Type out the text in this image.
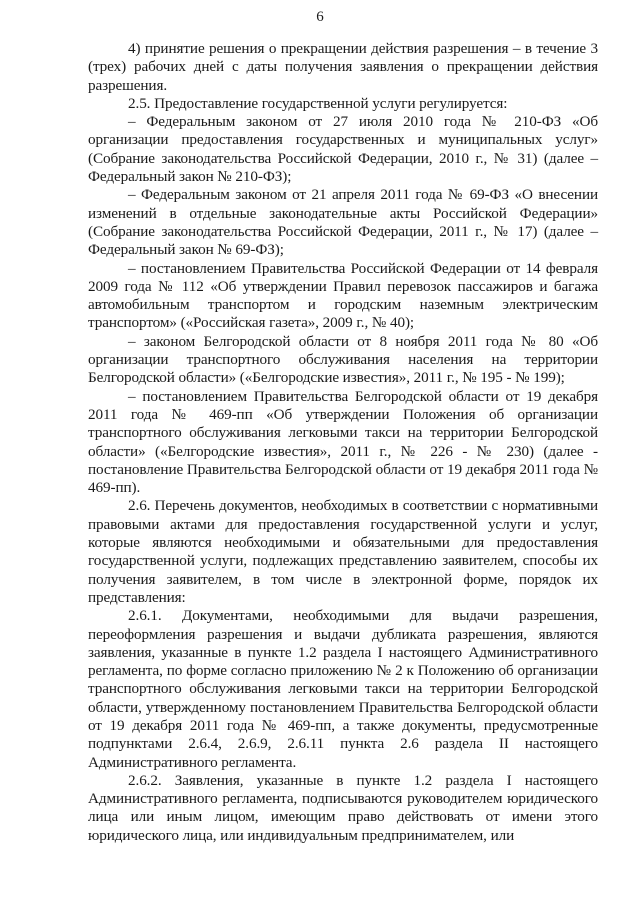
6

4) принятие решения о прекращении действия разрешения – в течение 3 (трех) рабочих дней с даты получения заявления о прекращении действия разрешения.

2.5. Предоставление государственной услуги регулируется:

– Федеральным законом от 27 июля 2010 года № 210-ФЗ «Об организации предоставления государственных и муниципальных услуг» (Собрание законодательства Российской Федерации, 2010 г., № 31) (далее – Федеральный закон № 210-ФЗ);

– Федеральным законом от 21 апреля 2011 года № 69-ФЗ «О внесении изменений в отдельные законодательные акты Российской Федерации» (Собрание законодательства Российской Федерации, 2011 г., № 17) (далее – Федеральный закон № 69-ФЗ);

– постановлением Правительства Российской Федерации от 14 февраля 2009 года № 112 «Об утверждении Правил перевозок пассажиров и багажа автомобильным транспортом и городским наземным электрическим транспортом» («Российская газета», 2009 г., № 40);

– законом Белгородской области от 8 ноября 2011 года № 80 «Об организации транспортного обслуживания населения на территории Белгородской области» («Белгородские известия», 2011 г., № 195 - № 199);

– постановлением Правительства Белгородской области от 19 декабря 2011 года № 469-пп «Об утверждении Положения об организации транспортного обслуживания легковыми такси на территории Белгородской области» («Белгородские известия», 2011 г., № 226 - № 230) (далее - постановление Правительства Белгородской области от 19 декабря 2011 года № 469-пп).

2.6. Перечень документов, необходимых в соответствии с нормативными правовыми актами для предоставления государственной услуги и услуг, которые являются необходимыми и обязательными для предоставления государственной услуги, подлежащих представлению заявителем, способы их получения заявителем, в том числе в электронной форме, порядок их представления:

2.6.1. Документами, необходимыми для выдачи разрешения, переоформления разрешения и выдачи дубликата разрешения, являются заявления, указанные в пункте 1.2 раздела I настоящего Административного регламента, по форме согласно приложению № 2 к Положению об организации транспортного обслуживания легковыми такси на территории Белгородской области, утвержденному постановлением Правительства Белгородской области от 19 декабря 2011 года № 469-пп, а также документы, предусмотренные подпунктами 2.6.4, 2.6.9, 2.6.11 пункта 2.6 раздела II настоящего Административного регламента.

2.6.2. Заявления, указанные в пункте 1.2 раздела I настоящего Административного регламента, подписываются руководителем юридического лица или иным лицом, имеющим право действовать от имени этого юридического лица, или индивидуальным предпринимателем, или
